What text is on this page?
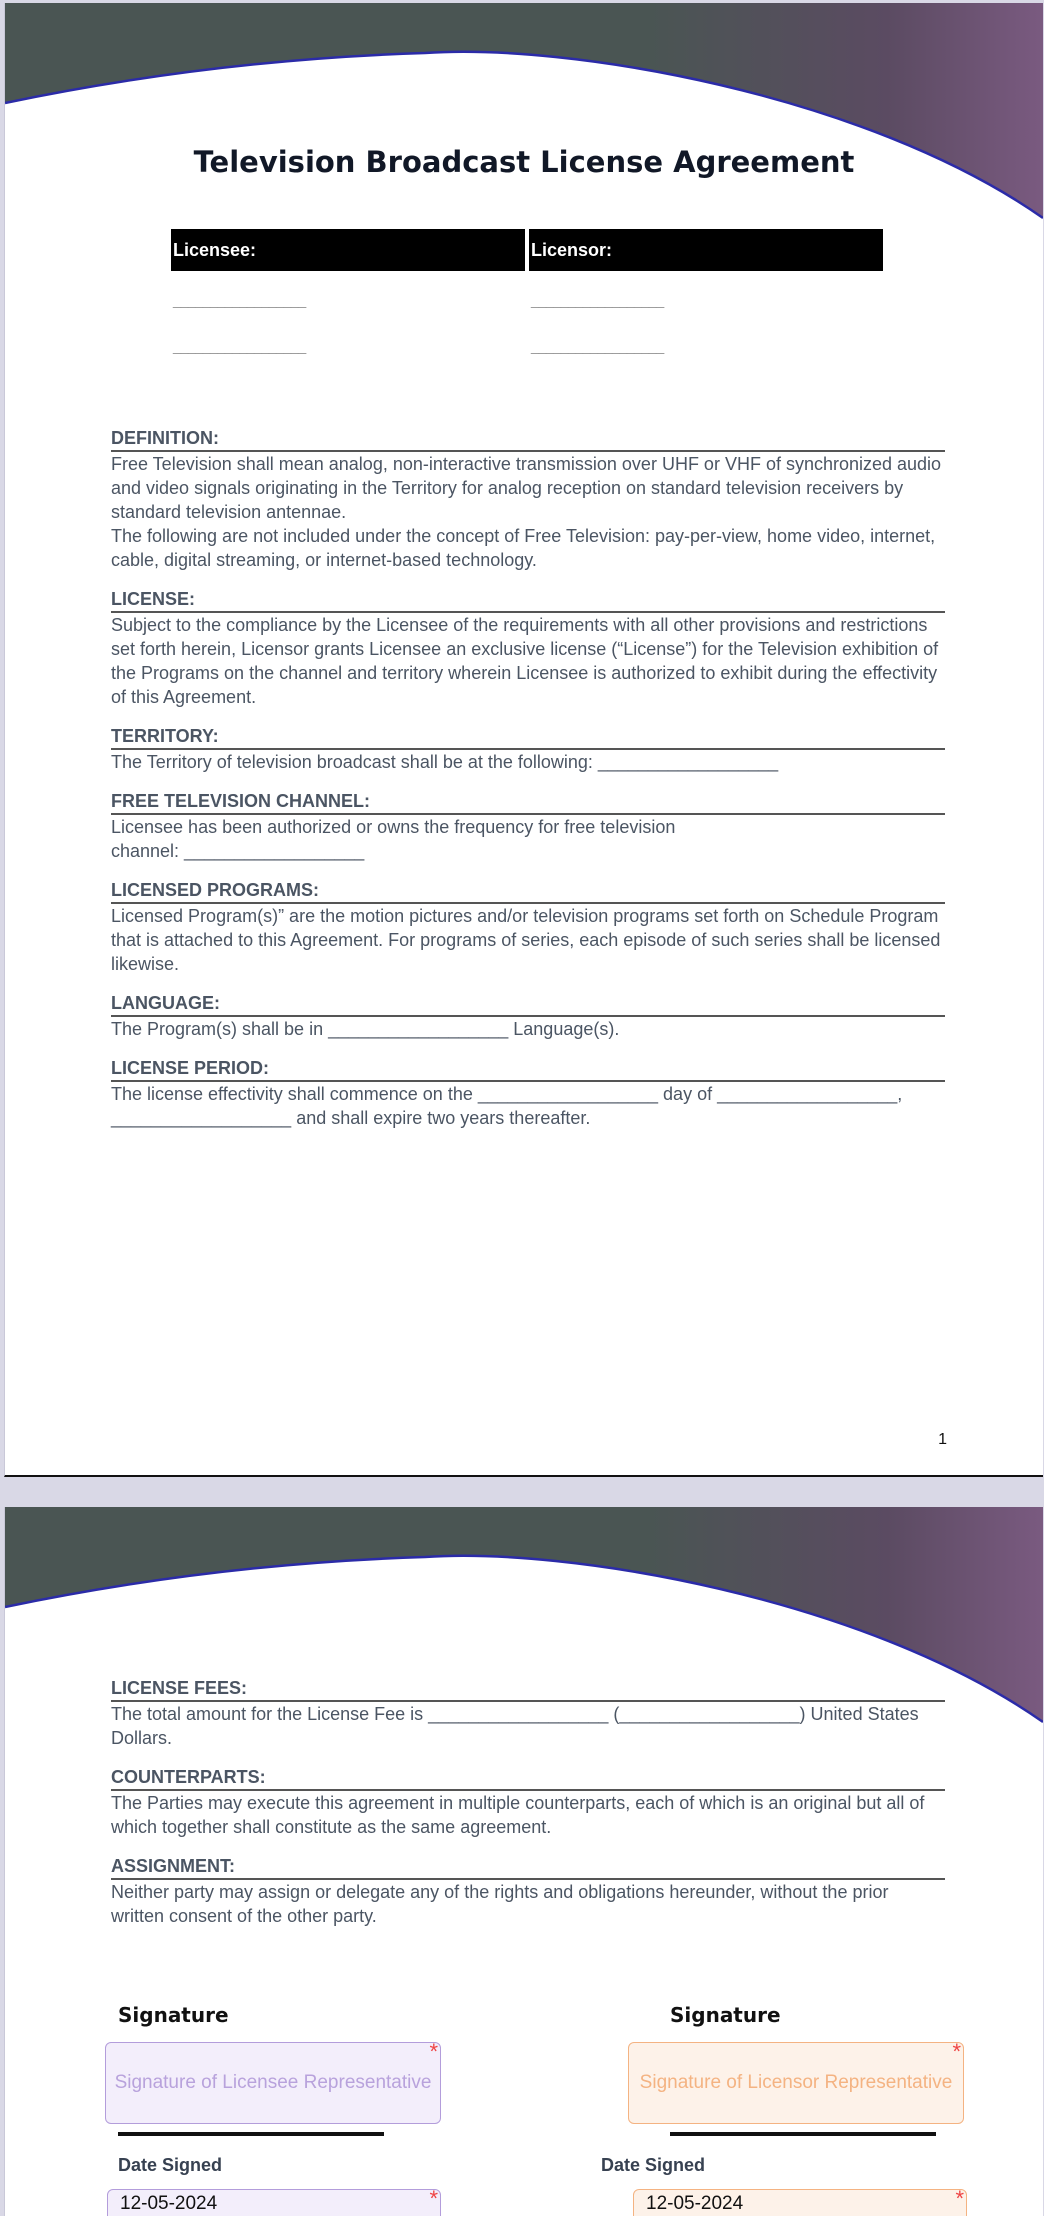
Television Broadcast License Agreement
Licensee:	Licensor:
__________________	__________________
__________________	__________________
DEFINITION:

Free Television shall mean analog, non-interactive transmission over UHF or VHF of synchronized audio and video signals originating in the Territory for analog reception on standard television receivers by standard television antennae.
The following are not included under the concept of Free Television: pay-per-view, home video, internet, cable, digital streaming, or internet-based technology.

LICENSE:

Subject to the compliance by the Licensee of the requirements with all other provisions and restrictions set forth herein, Licensor grants Licensee an exclusive license (“License”) for the Television exhibition of the Programs on the channel and territory wherein Licensee is authorized to exhibit during the effectivity of this Agreement.

TERRITORY:

The Territory of television broadcast shall be at the following: __________________

FREE TELEVISION CHANNEL:

Licensee has been authorized or owns the frequency for free television
channel: __________________

LICENSED PROGRAMS:

Licensed Program(s)” are the motion pictures and/or television programs set forth on Schedule Program that is attached to this Agreement. For programs of series, each episode of such series shall be licensed likewise.

LANGUAGE:

The Program(s) shall be in __________________ Language(s).

LICENSE PERIOD:

The license effectivity shall commence on the __________________ day of __________________, __________________ and shall expire two years thereafter.

1
LICENSE FEES:

The total amount for the License Fee is __________________ (__________________) United States Dollars.

COUNTERPARTS:

The Parties may execute this agreement in multiple counterparts, each of which is an original but all of which together shall constitute as the same agreement.

ASSIGNMENT:

Neither party may assign or delegate any of the rights and obligations hereunder, without the prior written consent of the other party.

Signature
Signature of Licensee Representative
*
Date Signed
12-05-2024	*
Signature
Signature of Licensor Representative
*
Date Signed
12-05-2024	*
